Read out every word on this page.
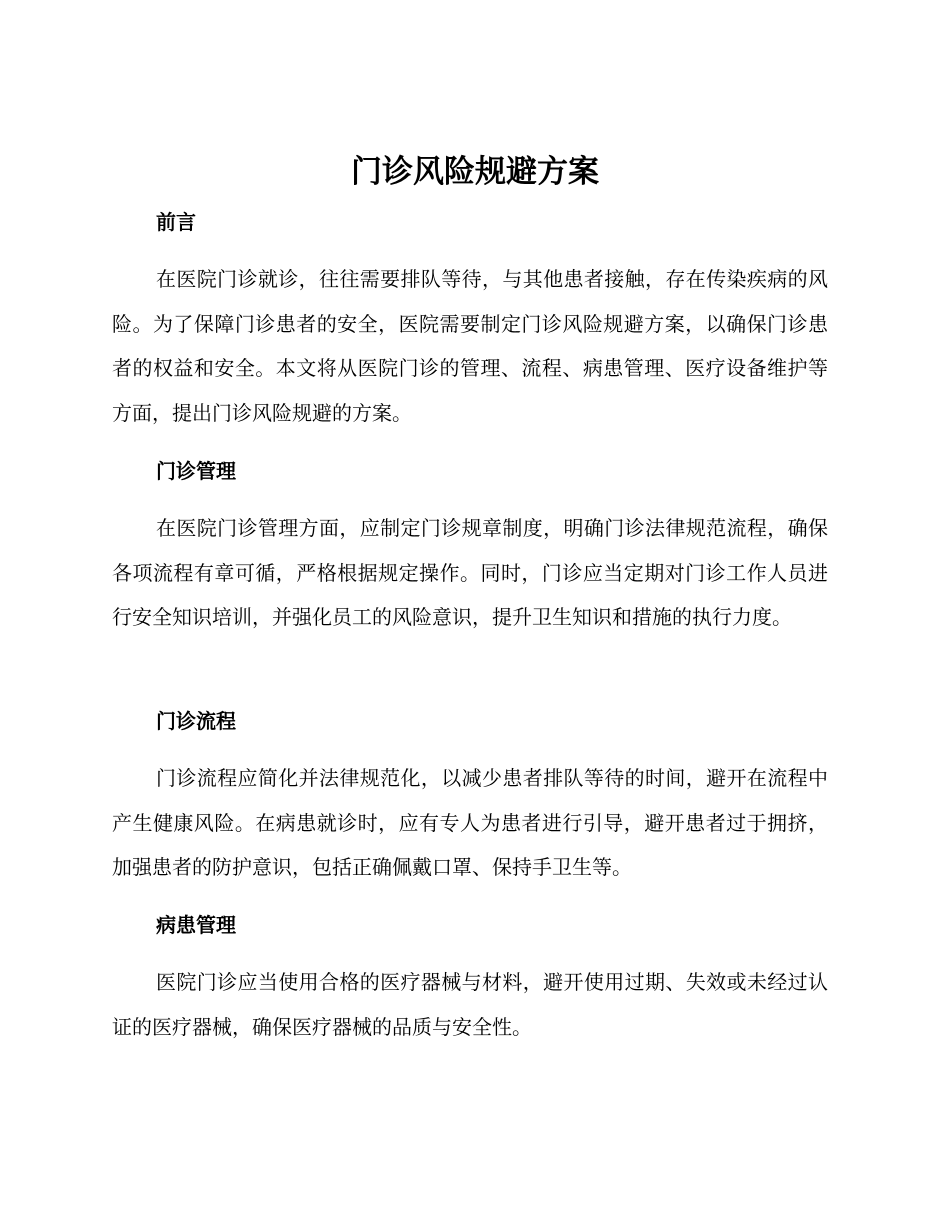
门诊风险规避方案
前言

在医院门诊就诊，往往需要排队等待，与其他患者接触，存在传染疾病的风险。为了保障门诊患者的安全，医院需要制定门诊风险规避方案，以确保门诊患者的权益和安全。本文将从医院门诊的管理、流程、病患管理、医疗设备维护等方面，提出门诊风险规避的方案。

门诊管理

在医院门诊管理方面，应制定门诊规章制度，明确门诊法律规范流程，确保各项流程有章可循，严格根据规定操作。同时，门诊应当定期对门诊工作人员进行安全知识培训，并强化员工的风险意识，提升卫生知识和措施的执行力度。

门诊流程

门诊流程应简化并法律规范化，以减少患者排队等待的时间，避开在流程中产生健康风险。在病患就诊时，应有专人为患者进行引导，避开患者过于拥挤，加强患者的防护意识，包括正确佩戴口罩、保持手卫生等。

病患管理

医院门诊应当使用合格的医疗器械与材料，避开使用过期、失效或未经过认证的医疗器械，确保医疗器械的品质与安全性。
